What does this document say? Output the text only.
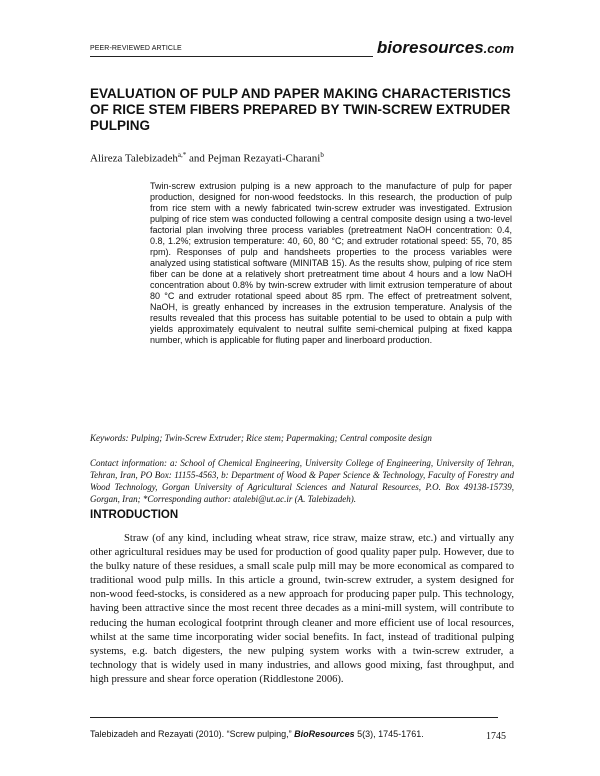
PEER-REVIEWED ARTICLE	bioresources.com
EVALUATION OF PULP AND PAPER MAKING CHARACTERISTICS OF RICE STEM FIBERS PREPARED BY TWIN-SCREW EXTRUDER PULPING
Alireza Talebizadeh$^{a,*}$ and Pejman Rezayati-Charani$^b$

Twin-screw extrusion pulping is a new approach to the manufacture of pulp for paper production, designed for non-wood feedstocks. In this research, the production of pulp from rice stem with a newly fabricated twin-screw extruder was investigated. Extrusion pulping of rice stem was conducted following a central composite design using a two-level factorial plan involving three process variables (pretreatment NaOH concentration: 0.4, 0.8, 1.2%; extrusion temperature: 40, 60, 80 °C; and extruder rotational speed: 55, 70, 85 rpm). Responses of pulp and handsheets properties to the process variables were analyzed using statistical software (MINITAB 15). As the results show, pulping of rice stem fiber can be done at a relatively short pretreatment time about 4 hours and a low NaOH concentration about 0.8% by twin-screw extruder with limit extrusion temperature of about 80 °C and extruder rotational speed about 85 rpm. The effect of pretreatment solvent, NaOH, is greatly enhanced by increases in the extrusion temperature. Analysis of the results revealed that this process has suitable potential to be used to obtain a pulp with yields approximately equivalent to neutral sulfite semi-chemical pulping at fixed kappa number, which is applicable for fluting paper and linerboard production.

Keywords: Pulping; Twin-Screw Extruder; Rice stem; Papermaking; Central composite design

Contact information: a: School of Chemical Engineering, University College of Engineering, University of Tehran, Tehran, Iran, PO Box: 11155-4563, b: Department of Wood & Paper Science & Technology, Faculty of Forestry and Wood Technology, Gorgan University of Agricultural Sciences and Natural Resources, P.O. Box 49138-15739, Gorgan, Iran; *Corresponding author: atalebi@ut.ac.ir (A. Talebizadeh).

INTRODUCTION

Straw (of any kind, including wheat straw, rice straw, maize straw, etc.) and virtually any other agricultural residues may be used for production of good quality paper pulp. However, due to the bulky nature of these residues, a small scale pulp mill may be more economical as compared to traditional wood pulp mills. In this article a ground, twin-screw extruder, a system designed for non-wood feed-stocks, is considered as a new approach for producing paper pulp. This technology, having been attractive since the most recent three decades as a mini-mill system, will contribute to reducing the human ecological footprint through cleaner and more efficient use of local resources, whilst at the same time incorporating wider social benefits. In fact, instead of traditional pulping systems, e.g. batch digesters, the new pulping system works with a twin-screw extruder, a technology that is widely used in many industries, and allows good mixing, fast throughput, and high pressure and shear force operation (Riddlestone 2006).

Talebizadeh and Rezayati (2010). “Screw pulping,” BioResources 5(3), 1745-1761.	1745
